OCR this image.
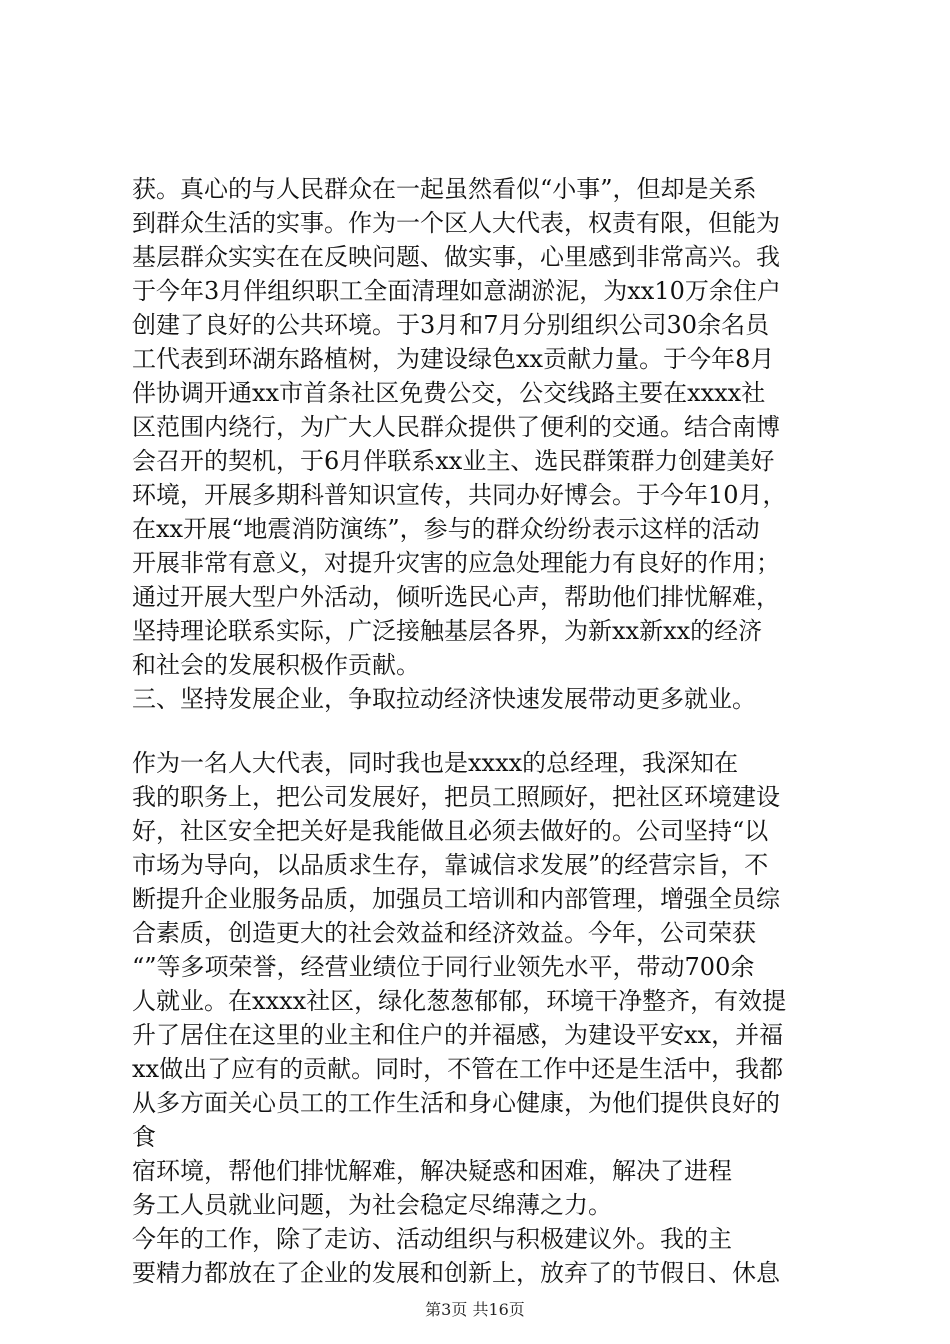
获。真心的与人民群众在一起虽然看似“小事”，但却是关系
到群众生活的实事。作为一个区人大代表，权责有限，但能为
基层群众实实在在反映问题、做实事，心里感到非常高兴。我
于今年3月伴组织职工全面清理如意湖淤泥，为xx10万余住户
创建了良好的公共环境。于3月和7月分别组织公司30余名员
工代表到环湖东路植树，为建设绿色xx贡献力量。于今年8月
伴协调开通xx市首条社区免费公交，公交线路主要在xxxx社
区范围内绕行，为广大人民群众提供了便利的交通。结合南博
会召开的契机，于6月伴联系xx业主、选民群策群力创建美好
环境，开展多期科普知识宣传，共同办好博会。于今年10月，
在xx开展“地震消防演练”，参与的群众纷纷表示这样的活动
开展非常有意义，对提升灾害的应急处理能力有良好的作用；
通过开展大型户外活动，倾听选民心声，帮助他们排忧解难，
坚持理论联系实际，广泛接触基层各界，为新xx新xx的经济
和社会的发展积极作贡献。
三、坚持发展企业，争取拉动经济快速发展带动更多就业。
作为一名人大代表，同时我也是xxxx的总经理，我深知在
我的职务上，把公司发展好，把员工照顾好，把社区环境建设
好，社区安全把关好是我能做且必须去做好的。公司坚持“以
市场为导向，以品质求生存，靠诚信求发展”的经营宗旨，不
断提升企业服务品质，加强员工培训和内部管理，增强全员综
合素质，创造更大的社会效益和经济效益。今年，公司荣获
“”等多项荣誉，经营业绩位于同行业领先水平，带动700余
人就业。在xxxx社区，绿化葱葱郁郁，环境干净整齐，有效提
升了居住在这里的业主和住户的并福感，为建设平安xx，并福
xx做出了应有的贡献。同时，不管在工作中还是生活中，我都
从多方面关心员工的工作生活和身心健康，为他们提供良好的
食
宿环境，帮他们排忧解难，解决疑惑和困难，解决了进程
务工人员就业问题，为社会稳定尽绵薄之力。
今年的工作，除了走访、活动组织与积极建议外。我的主
要精力都放在了企业的发展和创新上，放弃了的节假日、休息
第3页 共16页
